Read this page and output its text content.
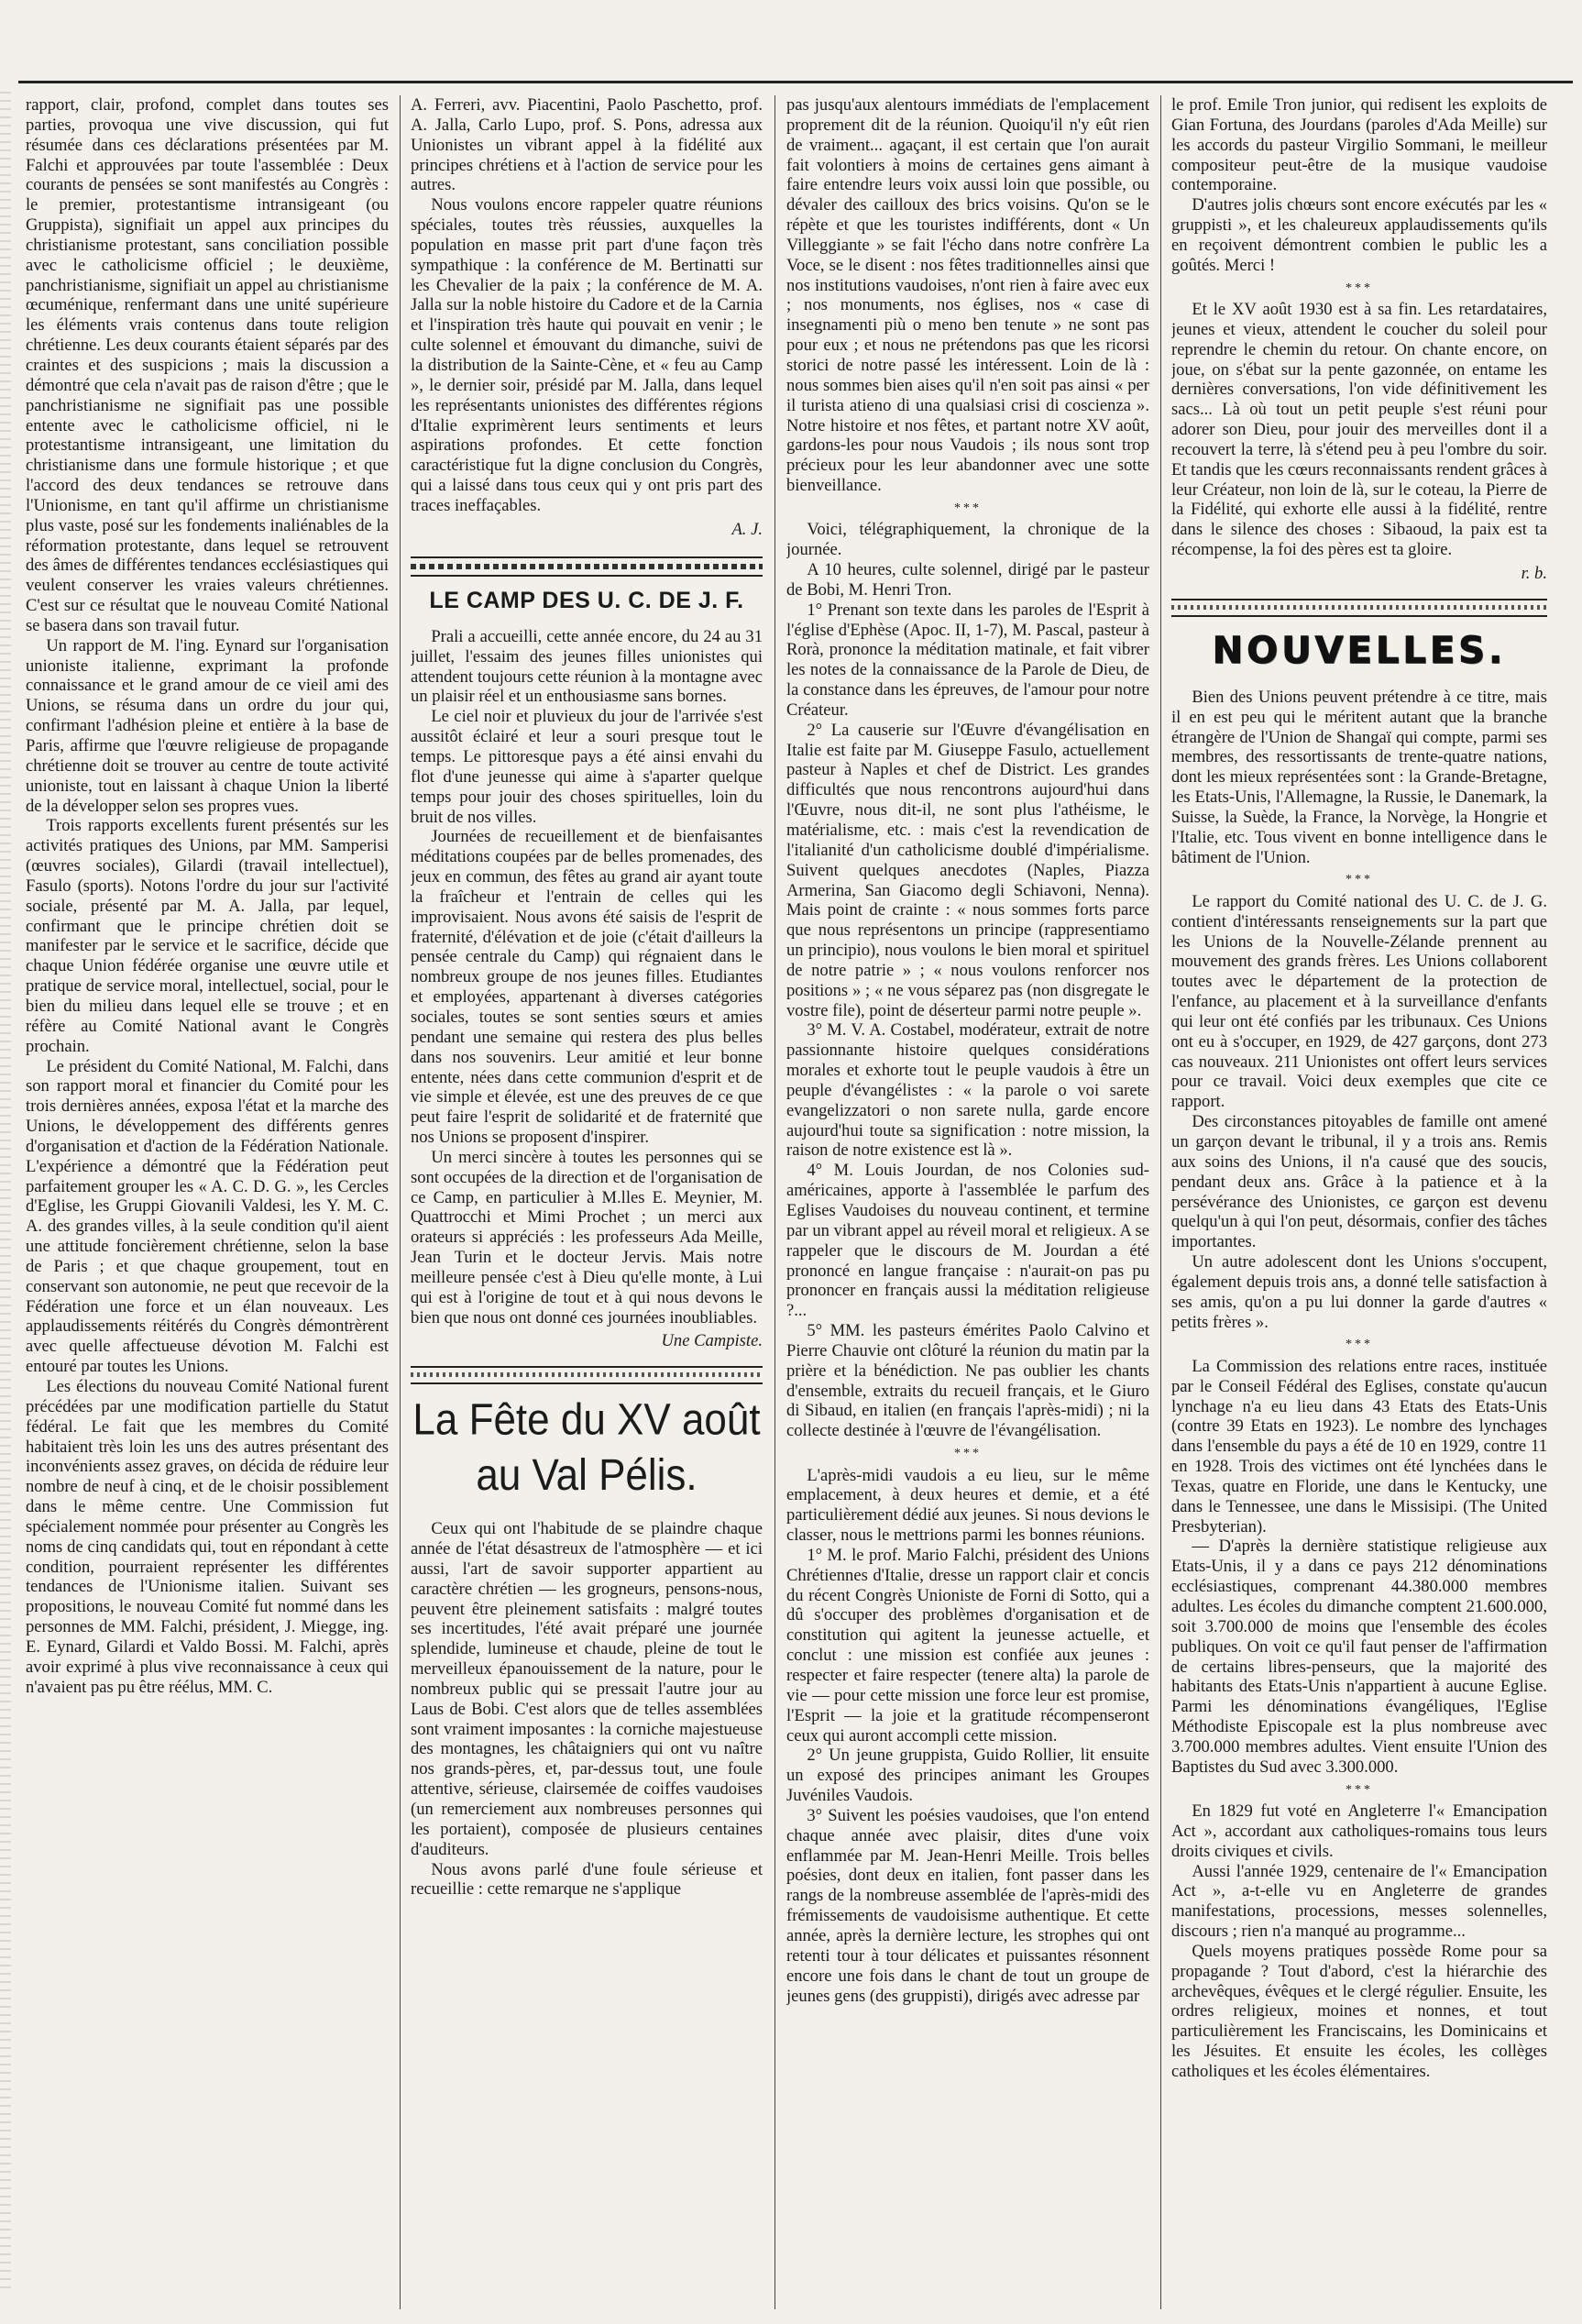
rapport, clair, profond, complet dans toutes ses parties, provoqua une vive discussion, qui fut résumée dans ces déclarations présentées par M. Falchi et approuvées par toute l'assemblée : Deux courants de pensées se sont manifestés au Congrès : le premier, protestantisme intransigeant (ou Gruppista), signifiait un appel aux principes du christianisme protestant, sans conciliation possible avec le catholicisme officiel ; le deuxième, panchristianisme, signifiait un appel au christianisme œcuménique, renfermant dans une unité supérieure les éléments vrais contenus dans toute religion chrétienne. Les deux courants étaient séparés par des craintes et des suspicions ; mais la discussion a démontré que cela n'avait pas de raison d'être ; que le panchristianisme ne signifiait pas une possible entente avec le catholicisme officiel, ni le protestantisme intransigeant, une limitation du christianisme dans une formule historique ; et que l'accord des deux tendances se retrouve dans l'Unionisme, en tant qu'il affirme un christianisme plus vaste, posé sur les fondements inaliénables de la réformation protestante, dans lequel se retrouvent des âmes de différentes tendances ecclésiastiques qui veulent conserver les vraies valeurs chrétiennes. C'est sur ce résultat que le nouveau Comité National se basera dans son travail futur.

Un rapport de M. l'ing. Eynard sur l'organisation unioniste italienne, exprimant la profonde connaissance et le grand amour de ce vieil ami des Unions, se résuma dans un ordre du jour qui, confirmant l'adhésion pleine et entière à la base de Paris, affirme que l'œuvre religieuse de propagande chrétienne doit se trouver au centre de toute activité unioniste, tout en laissant à chaque Union la liberté de la développer selon ses propres vues.

Trois rapports excellents furent présentés sur les activités pratiques des Unions, par MM. Samperisi (œuvres sociales), Gilardi (travail intellectuel), Fasulo (sports). Notons l'ordre du jour sur l'activité sociale, présenté par M. A. Jalla, par lequel, confirmant que le principe chrétien doit se manifester par le service et le sacrifice, décide que chaque Union fédérée organise une œuvre utile et pratique de service moral, intellectuel, social, pour le bien du milieu dans lequel elle se trouve ; et en réfère au Comité National avant le Congrès prochain.

Le président du Comité National, M. Falchi, dans son rapport moral et financier du Comité pour les trois dernières années, exposa l'état et la marche des Unions, le développement des différents genres d'organisation et d'action de la Fédération Nationale. L'expérience a démontré que la Fédération peut parfaitement grouper les « A. C. D. G. », les Cercles d'Eglise, les Gruppi Giovanili Valdesi, les Y. M. C. A. des grandes villes, à la seule condition qu'il aient une attitude foncièrement chrétienne, selon la base de Paris ; et que chaque groupement, tout en conservant son autonomie, ne peut que recevoir de la Fédération une force et un élan nouveaux. Les applaudissements réitérés du Congrès démontrèrent avec quelle affectueuse dévotion M. Falchi est entouré par toutes les Unions.

Les élections du nouveau Comité National furent précédées par une modification partielle du Statut fédéral. Le fait que les membres du Comité habitaient très loin les uns des autres présentant des inconvénients assez graves, on décida de réduire leur nombre de neuf à cinq, et de le choisir possiblement dans le même centre. Une Commission fut spécialement nommée pour présenter au Congrès les noms de cinq candidats qui, tout en répondant à cette condition, pourraient représenter les différentes tendances de l'Unionisme italien. Suivant ses propositions, le nouveau Comité fut nommé dans les personnes de MM. Falchi, président, J. Miegge, ing. E. Eynard, Gilardi et Valdo Bossi. M. Falchi, après avoir exprimé à plus vive reconnaissance à ceux qui n'avaient pas pu être réélus, MM. C.

A. Ferreri, avv. Piacentini, Paolo Paschetto, prof. A. Jalla, Carlo Lupo, prof. S. Pons, adressa aux Unionistes un vibrant appel à la fidélité aux principes chrétiens et à l'action de service pour les autres.

Nous voulons encore rappeler quatre réunions spéciales, toutes très réussies, auxquelles la population en masse prit part d'une façon très sympathique : la conférence de M. Bertinatti sur les Chevalier de la paix ; la conférence de M. A. Jalla sur la noble histoire du Cadore et de la Carnia et l'inspiration très haute qui pouvait en venir ; le culte solennel et émouvant du dimanche, suivi de la distribution de la Sainte-Cène, et « feu au Camp », le dernier soir, présidé par M. Jalla, dans lequel les représentants unionistes des différentes régions d'Italie exprimèrent leurs sentiments et leurs aspirations profondes. Et cette fonction caractéristique fut la digne conclusion du Congrès, qui a laissé dans tous ceux qui y ont pris part des traces ineffaçables.

A. J.

LE CAMP DES U. C. DE J. F.

Prali a accueilli, cette année encore, du 24 au 31 juillet, l'essaim des jeunes filles unionistes qui attendent toujours cette réunion à la montagne avec un plaisir réel et un enthousiasme sans bornes.

Le ciel noir et pluvieux du jour de l'arrivée s'est aussitôt éclairé et leur a souri presque tout le temps. Le pittoresque pays a été ainsi envahi du flot d'une jeunesse qui aime à s'aparter quelque temps pour jouir des choses spirituelles, loin du bruit de nos villes.

Journées de recueillement et de bienfaisantes méditations coupées par de belles promenades, des jeux en commun, des fêtes au grand air ayant toute la fraîcheur et l'entrain de celles qui les improvisaient. Nous avons été saisis de l'esprit de fraternité, d'élévation et de joie (c'était d'ailleurs la pensée centrale du Camp) qui régnaient dans le nombreux groupe de nos jeunes filles. Etudiantes et employées, appartenant à diverses catégories sociales, toutes se sont senties sœurs et amies pendant une semaine qui restera des plus belles dans nos souvenirs. Leur amitié et leur bonne entente, nées dans cette communion d'esprit et de vie simple et élevée, est une des preuves de ce que peut faire l'esprit de solidarité et de fraternité que nos Unions se proposent d'inspirer.

Un merci sincère à toutes les personnes qui se sont occupées de la direction et de l'organisation de ce Camp, en particulier à M.lles E. Meynier, M. Quattrocchi et Mimi Prochet ; un merci aux orateurs si appréciés : les professeurs Ada Meille, Jean Turin et le docteur Jervis. Mais notre meilleure pensée c'est à Dieu qu'elle monte, à Lui qui est à l'origine de tout et à qui nous devons le bien que nous ont donné ces journées inoubliables.

Une Campiste.

La Fête du XV août au Val Pélis.

Ceux qui ont l'habitude de se plaindre chaque année de l'état désastreux de l'atmosphère — et ici aussi, l'art de savoir supporter appartient au caractère chrétien — les grogneurs, pensons-nous, peuvent être pleinement satisfaits : malgré toutes ses incertitudes, l'été avait préparé une journée splendide, lumineuse et chaude, pleine de tout le merveilleux épanouissement de la nature, pour le nombreux public qui se pressait l'autre jour au Laus de Bobi. C'est alors que de telles assemblées sont vraiment imposantes : la corniche majestueuse des montagnes, les châtaigniers qui ont vu naître nos grands-pères, et, par-dessus tout, une foule attentive, sérieuse, clairsemée de coiffes vaudoises (un remerciement aux nombreuses personnes qui les portaient), composée de plusieurs centaines d'auditeurs.

Nous avons parlé d'une foule sérieuse et recueillie : cette remarque ne s'applique

pas jusqu'aux alentours immédiats de l'emplacement proprement dit de la réunion. Quoiqu'il n'y eût rien de vraiment... agaçant, il est certain que l'on aurait fait volontiers à moins de certaines gens aimant à faire entendre leurs voix aussi loin que possible, ou dévaler des cailloux des brics voisins. Qu'on se le répète et que les touristes indifférents, dont « Un Villeggiante » se fait l'écho dans notre confrère La Voce, se le disent : nos fêtes traditionnelles ainsi que nos institutions vaudoises, n'ont rien à faire avec eux ; nos monuments, nos églises, nos « case di insegnamenti più o meno ben tenute » ne sont pas pour eux ; et nous ne prétendons pas que les ricorsi storici de notre passé les intéressent. Loin de là : nous sommes bien aises qu'il n'en soit pas ainsi « per il turista atieno di una qualsiasi crisi di coscienza ». Notre histoire et nos fêtes, et partant notre XV août, gardons-les pour nous Vaudois ; ils nous sont trop précieux pour les leur abandonner avec une sotte bienveillance.

***

Voici, télégraphiquement, la chronique de la journée.

A 10 heures, culte solennel, dirigé par le pasteur de Bobi, M. Henri Tron.

1° Prenant son texte dans les paroles de l'Esprit à l'église d'Ephèse (Apoc. II, 1-7), M. Pascal, pasteur à Rorà, prononce la méditation matinale, et fait vibrer les notes de la connaissance de la Parole de Dieu, de la constance dans les épreuves, de l'amour pour notre Créateur.

2° La causerie sur l'Œuvre d'évangélisation en Italie est faite par M. Giuseppe Fasulo, actuellement pasteur à Naples et chef de District. Les grandes difficultés que nous rencontrons aujourd'hui dans l'Œuvre, nous dit-il, ne sont plus l'athéisme, le matérialisme, etc. : mais c'est la revendication de l'italianité d'un catholicisme doublé d'impérialisme. Suivent quelques anecdotes (Naples, Piazza Armerina, San Giacomo degli Schiavoni, Nenna). Mais point de crainte : « nous sommes forts parce que nous représentons un principe (rappresentiamo un principio), nous voulons le bien moral et spirituel de notre patrie » ; « nous voulons renforcer nos positions » ; « ne vous séparez pas (non disgregate le vostre file), point de déserteur parmi notre peuple ».

3° M. V. A. Costabel, modérateur, extrait de notre passionnante histoire quelques considérations morales et exhorte tout le peuple vaudois à être un peuple d'évangélistes : « la parole o voi sarete evangelizzatori o non sarete nulla, garde encore aujourd'hui toute sa signification : notre mission, la raison de notre existence est là ».

4° M. Louis Jourdan, de nos Colonies sud-américaines, apporte à l'assemblée le parfum des Eglises Vaudoises du nouveau continent, et termine par un vibrant appel au réveil moral et religieux. A se rappeler que le discours de M. Jourdan a été prononcé en langue française : n'aurait-on pas pu prononcer en français aussi la méditation religieuse ?...

5° MM. les pasteurs émérites Paolo Calvino et Pierre Chauvie ont clôturé la réunion du matin par la prière et la bénédiction. Ne pas oublier les chants d'ensemble, extraits du recueil français, et le Giuro di Sibaud, en italien (en français l'après-midi) ; ni la collecte destinée à l'œuvre de l'évangélisation.

***

L'après-midi vaudois a eu lieu, sur le même emplacement, à deux heures et demie, et a été particulièrement dédié aux jeunes. Si nous devions le classer, nous le mettrions parmi les bonnes réunions.

1° M. le prof. Mario Falchi, président des Unions Chrétiennes d'Italie, dresse un rapport clair et concis du récent Congrès Unioniste de Forni di Sotto, qui a dû s'occuper des problèmes d'organisation et de constitution qui agitent la jeunesse actuelle, et conclut : une mission est confiée aux jeunes : respecter et faire respecter (tenere alta) la parole de vie — pour cette mission une force leur est promise, l'Esprit — la joie et la gratitude récompenseront ceux qui auront accompli cette mission.

2° Un jeune gruppista, Guido Rollier, lit ensuite un exposé des principes animant les Groupes Juvéniles Vaudois.

3° Suivent les poésies vaudoises, que l'on entend chaque année avec plaisir, dites d'une voix enflammée par M. Jean-Henri Meille. Trois belles poésies, dont deux en italien, font passer dans les rangs de la nombreuse assemblée de l'après-midi des frémissements de vaudoisisme authentique. Et cette année, après la dernière lecture, les strophes qui ont retenti tour à tour délicates et puissantes résonnent encore une fois dans le chant de tout un groupe de jeunes gens (des gruppisti), dirigés avec adresse par

le prof. Emile Tron junior, qui redisent les exploits de Gian Fortuna, des Jourdans (paroles d'Ada Meille) sur les accords du pasteur Virgilio Sommani, le meilleur compositeur peut-être de la musique vaudoise contemporaine.

D'autres jolis chœurs sont encore exécutés par les « gruppisti », et les chaleureux applaudissements qu'ils en reçoivent démontrent combien le public les a goûtés. Merci !

***

Et le XV août 1930 est à sa fin. Les retardataires, jeunes et vieux, attendent le coucher du soleil pour reprendre le chemin du retour. On chante encore, on joue, on s'ébat sur la pente gazonnée, on entame les dernières conversations, l'on vide définitivement les sacs... Là où tout un petit peuple s'est réuni pour adorer son Dieu, pour jouir des merveilles dont il a recouvert la terre, là s'étend peu à peu l'ombre du soir. Et tandis que les cœurs reconnaissants rendent grâces à leur Créateur, non loin de là, sur le coteau, la Pierre de la Fidélité, qui exhorte elle aussi à la fidélité, rentre dans le silence des choses : Sibaoud, la paix est ta récompense, la foi des pères est ta gloire.

r. b.

NOUVELLES.

Bien des Unions peuvent prétendre à ce titre, mais il en est peu qui le méritent autant que la branche étrangère de l'Union de Shangaï qui compte, parmi ses membres, des ressortissants de trente-quatre nations, dont les mieux représentées sont : la Grande-Bretagne, les Etats-Unis, l'Allemagne, la Russie, le Danemark, la Suisse, la Suède, la France, la Norvège, la Hongrie et l'Italie, etc. Tous vivent en bonne intelligence dans le bâtiment de l'Union.

***

Le rapport du Comité national des U. C. de J. G. contient d'intéressants renseignements sur la part que les Unions de la Nouvelle-Zélande prennent au mouvement des grands frères. Les Unions collaborent toutes avec le département de la protection de l'enfance, au placement et à la surveillance d'enfants qui leur ont été confiés par les tribunaux. Ces Unions ont eu à s'occuper, en 1929, de 427 garçons, dont 273 cas nouveaux. 211 Unionistes ont offert leurs services pour ce travail. Voici deux exemples que cite ce rapport.

Des circonstances pitoyables de famille ont amené un garçon devant le tribunal, il y a trois ans. Remis aux soins des Unions, il n'a causé que des soucis, pendant deux ans. Grâce à la patience et à la persévérance des Unionistes, ce garçon est devenu quelqu'un à qui l'on peut, désormais, confier des tâches importantes.

Un autre adolescent dont les Unions s'occupent, également depuis trois ans, a donné telle satisfaction à ses amis, qu'on a pu lui donner la garde d'autres « petits frères ».

***

La Commission des relations entre races, instituée par le Conseil Fédéral des Eglises, constate qu'aucun lynchage n'a eu lieu dans 43 Etats des Etats-Unis (contre 39 Etats en 1923). Le nombre des lynchages dans l'ensemble du pays a été de 10 en 1929, contre 11 en 1928. Trois des victimes ont été lynchées dans le Texas, quatre en Floride, une dans le Kentucky, une dans le Tennessee, une dans le Missisipi. (The United Presbyterian).

— D'après la dernière statistique religieuse aux Etats-Unis, il y a dans ce pays 212 dénominations ecclésiastiques, comprenant 44.380.000 membres adultes. Les écoles du dimanche comptent 21.600.000, soit 3.700.000 de moins que l'ensemble des écoles publiques. On voit ce qu'il faut penser de l'affirmation de certains libres-penseurs, que la majorité des habitants des Etats-Unis n'appartient à aucune Eglise. Parmi les dénominations évangéliques, l'Eglise Méthodiste Episcopale est la plus nombreuse avec 3.700.000 membres adultes. Vient ensuite l'Union des Baptistes du Sud avec 3.300.000.

***

En 1829 fut voté en Angleterre l'« Emancipation Act », accordant aux catholiques-romains tous leurs droits civiques et civils.

Aussi l'année 1929, centenaire de l'« Emancipation Act », a-t-elle vu en Angleterre de grandes manifestations, processions, messes solennelles, discours ; rien n'a manqué au programme...

Quels moyens pratiques possède Rome pour sa propagande ? Tout d'abord, c'est la hiérarchie des archevêques, évêques et le clergé régulier. Ensuite, les ordres religieux, moines et nonnes, et tout particulièrement les Franciscains, les Dominicains et les Jésuites. Et ensuite les écoles, les collèges catholiques et les écoles élémentaires.
